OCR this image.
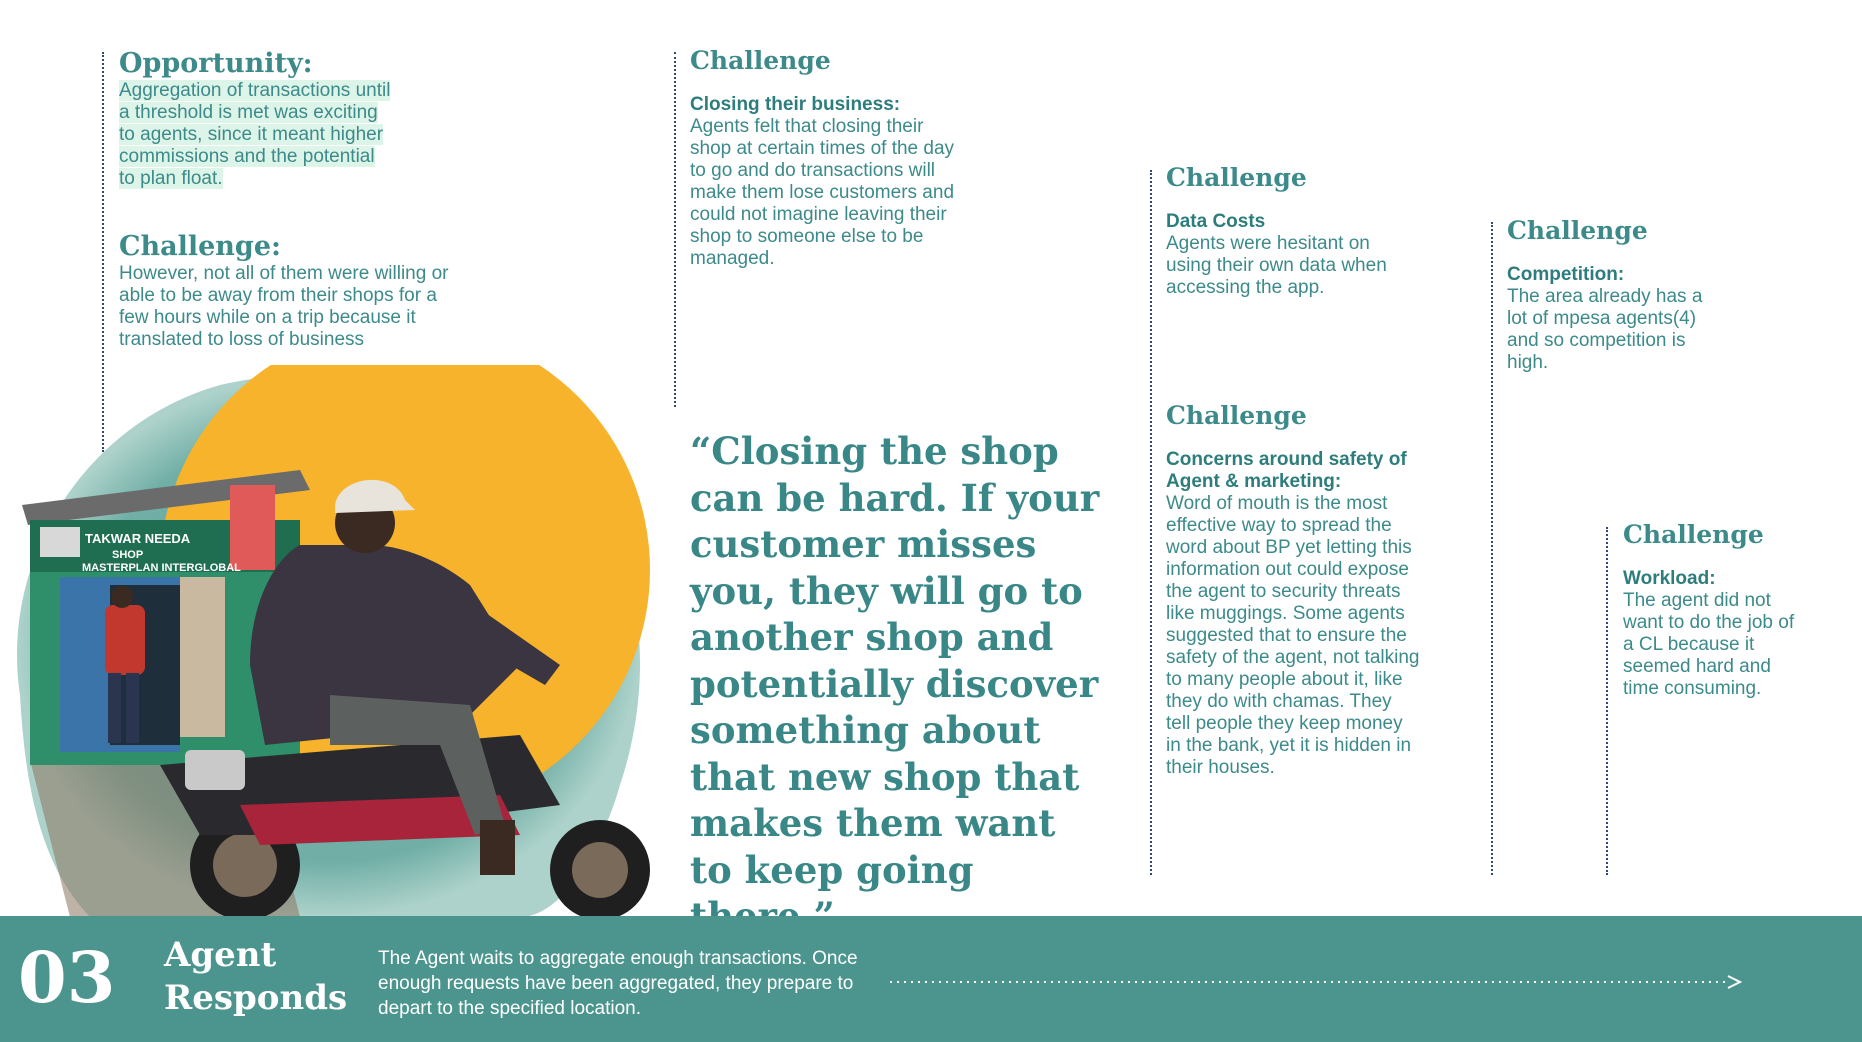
Opportunity:
Aggregation of transactions until
a threshold is met was exciting
to agents, since it meant higher
commissions and the potential
to plan float.
Challenge:
However, not all of them were willing or able to be away from their shops for a few hours while on a trip because it translated to loss of business
Challenge
Closing their business:
Agents felt that closing their shop at certain times of the day to go and do transactions will make them lose customers and could not imagine leaving their shop to someone else to be managed.
Challenge
Data Costs
Agents were hesitant on using their own data when accessing the app.
Challenge
Concerns around safety of Agent & marketing:
Word of mouth is the most effective way to spread the word about BP yet letting this information out could expose the agent to security threats like muggings. Some agents suggested that to ensure the safety of the agent, not talking to many people about it, like they do with chamas. They tell people they keep money in the bank, yet it is hidden in their houses.
Challenge
Competition:
The area already has a lot of mpesa agents(4) and so competition is high.
Challenge
Workload:
The agent did not want to do the job of a CL because it seemed hard and time consuming.
TAKWAR NEEDA
SHOP
MASTERPLAN INTERGLOBAL
“Closing the shop can be hard. If your customer misses you, they will go to another shop and potentially discover something about that new shop that makes them want to keep going
03 Agent Responds
The Agent waits to aggregate enough transactions. Once enough requests have been aggregated, they prepare to depart to the specified location.
